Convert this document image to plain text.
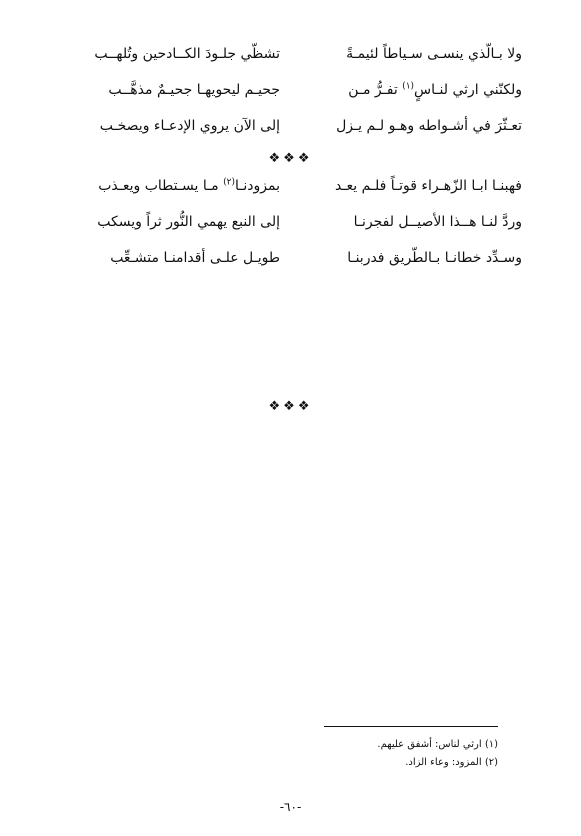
ولا بـالّذي ينسـى سـياطاً لئيمـةً
تشظّي جلـودَ الكــادحين وتُلهــب
ولكنّني ارثي لنـاسٍ$^{(١)}$ تفـرُّ مـن
جحيـم ليحويهـا جحيـمٌ مذهَّــب
تعـثّرَ في أشـواطه وهـو لـم يـزل
إلى الآن يروي الإدعـاء ويصخـب
❖❖❖
فهبنـا ابـا الزّهـراء قوتـاً فلـم يعـد
بمزودنـا$^{(٢)}$ مـا يسـتطاب ويعـذب
وردَّ لنـا هــذا الأصيــل لفجرنـا
إلى النبع يهمي النُّور ثراً ويسكب
وسـدِّد خطانـا بـالطّريق فدربنـا
طويـل علـى أقدامنـا متشـعِّب
❖❖❖
(١) ارثي لناس: أشفق عليهم.
(٢) المزود: وعاء الزاد.
-٦٠-
